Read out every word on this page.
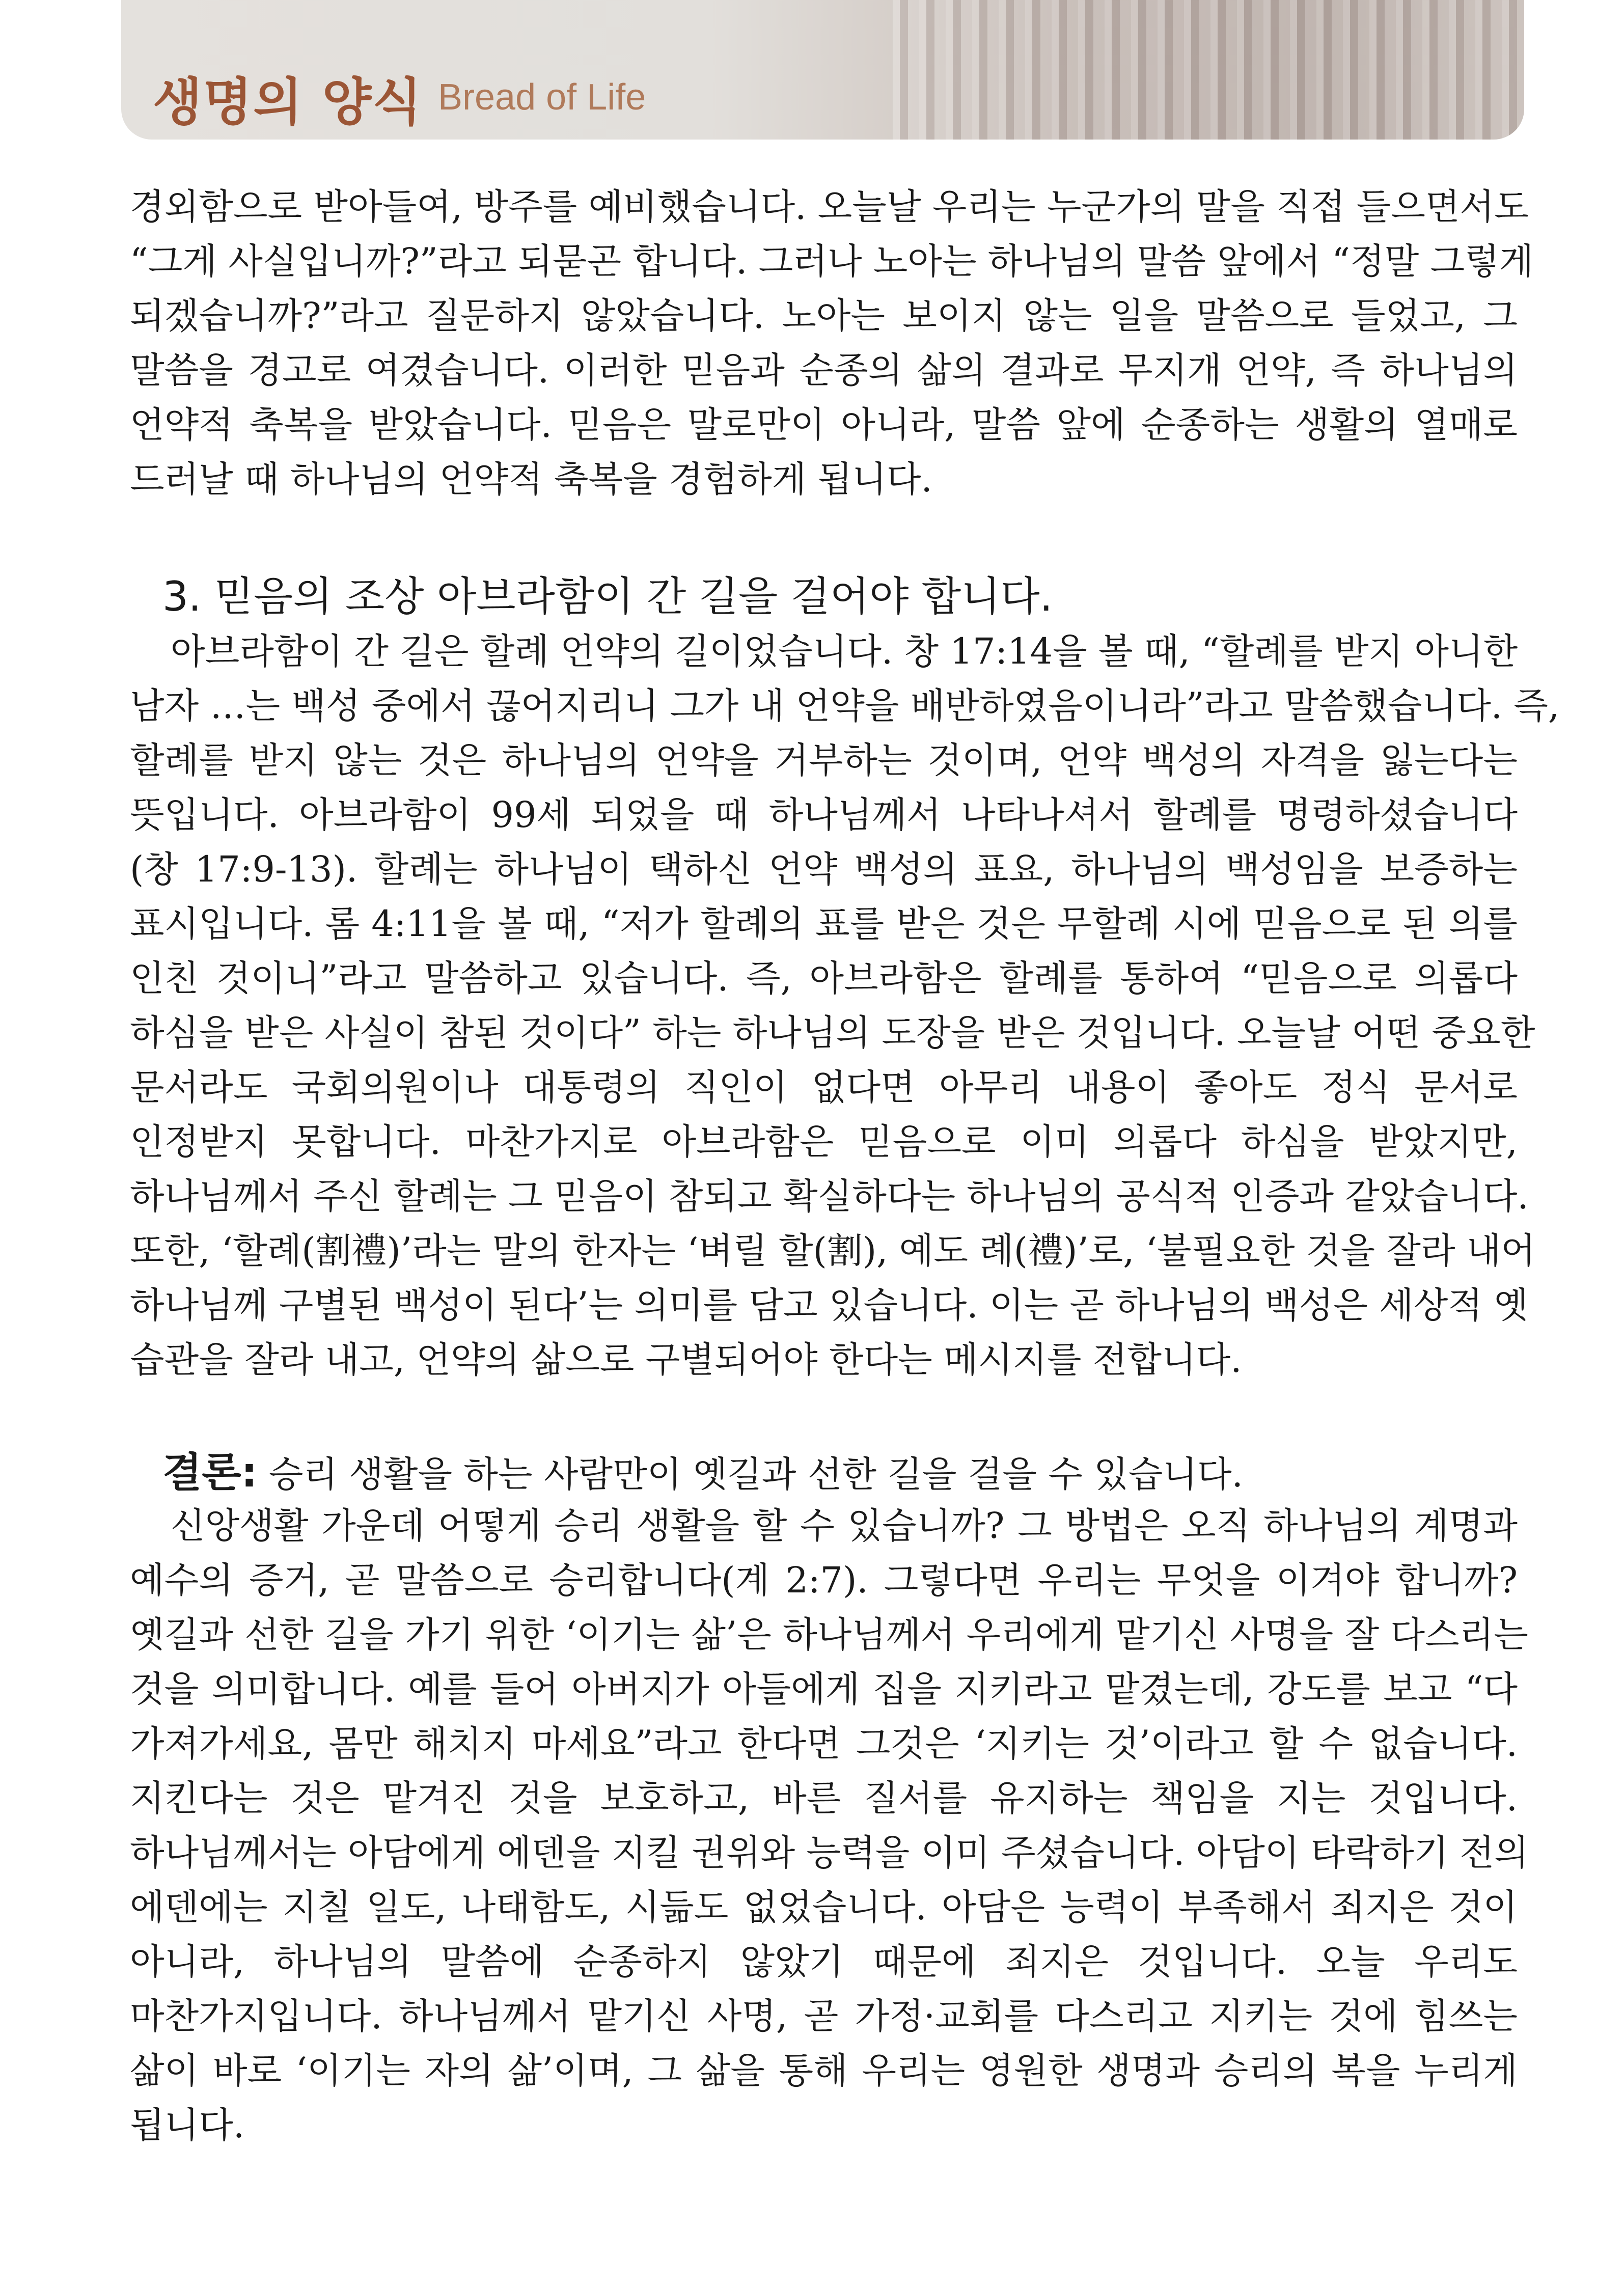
생명의 양식 Bread of Life
경외함으로 받아들여, 방주를 예비했습니다. 오늘날 우리는 누군가의 말을 직접 들으면서도
“그게 사실입니까?”라고 되묻곤 합니다. 그러나 노아는 하나님의 말씀 앞에서 “정말 그렇게
되겠습니까?”라고 질문하지 않았습니다. 노아는 보이지 않는 일을 말씀으로 들었고, 그
말씀을 경고로 여겼습니다. 이러한 믿음과 순종의 삶의 결과로 무지개 언약, 즉 하나님의
언약적 축복을 받았습니다. 믿음은 말로만이 아니라, 말씀 앞에 순종하는 생활의 열매로
드러날 때 하나님의 언약적 축복을 경험하게 됩니다.
3. 믿음의 조상 아브라함이 간 길을 걸어야 합니다.
아브라함이 간 길은 할례 언약의 길이었습니다. 창 17:14을 볼 때, “할례를 받지 아니한
남자 …는 백성 중에서 끊어지리니 그가 내 언약을 배반하였음이니라”라고 말씀했습니다. 즉,
할례를 받지 않는 것은 하나님의 언약을 거부하는 것이며, 언약 백성의 자격을 잃는다는
뜻입니다. 아브라함이 99세 되었을 때 하나님께서 나타나셔서 할례를 명령하셨습니다
(창 17:9-13). 할례는 하나님이 택하신 언약 백성의 표요, 하나님의 백성임을 보증하는
표시입니다. 롬 4:11을 볼 때, “저가 할례의 표를 받은 것은 무할례 시에 믿음으로 된 의를
인친 것이니”라고 말씀하고 있습니다. 즉, 아브라함은 할례를 통하여 “믿음으로 의롭다
하심을 받은 사실이 참된 것이다” 하는 하나님의 도장을 받은 것입니다. 오늘날 어떤 중요한
문서라도 국회의원이나 대통령의 직인이 없다면 아무리 내용이 좋아도 정식 문서로
인정받지 못합니다. 마찬가지로 아브라함은 믿음으로 이미 의롭다 하심을 받았지만,
하나님께서 주신 할례는 그 믿음이 참되고 확실하다는 하나님의 공식적 인증과 같았습니다.
또한, ‘할례(割禮)’라는 말의 한자는 ‘벼릴 할(割), 예도 례(禮)’로, ‘불필요한 것을 잘라 내어
하나님께 구별된 백성이 된다’는 의미를 담고 있습니다. 이는 곧 하나님의 백성은 세상적 옛
습관을 잘라 내고, 언약의 삶으로 구별되어야 한다는 메시지를 전합니다.
결론: 승리 생활을 하는 사람만이 옛길과 선한 길을 걸을 수 있습니다.
신앙생활 가운데 어떻게 승리 생활을 할 수 있습니까? 그 방법은 오직 하나님의 계명과
예수의 증거, 곧 말씀으로 승리합니다(계 2:7). 그렇다면 우리는 무엇을 이겨야 합니까?
옛길과 선한 길을 가기 위한 ‘이기는 삶’은 하나님께서 우리에게 맡기신 사명을 잘 다스리는
것을 의미합니다. 예를 들어 아버지가 아들에게 집을 지키라고 맡겼는데, 강도를 보고 “다
가져가세요, 몸만 해치지 마세요”라고 한다면 그것은 ‘지키는 것’이라고 할 수 없습니다.
지킨다는 것은 맡겨진 것을 보호하고, 바른 질서를 유지하는 책임을 지는 것입니다.
하나님께서는 아담에게 에덴을 지킬 권위와 능력을 이미 주셨습니다. 아담이 타락하기 전의
에덴에는 지칠 일도, 나태함도, 시듦도 없었습니다. 아담은 능력이 부족해서 죄지은 것이
아니라, 하나님의 말씀에 순종하지 않았기 때문에 죄지은 것입니다. 오늘 우리도
마찬가지입니다. 하나님께서 맡기신 사명, 곧 가정·교회를 다스리고 지키는 것에 힘쓰는
삶이 바로 ‘이기는 자의 삶’이며, 그 삶을 통해 우리는 영원한 생명과 승리의 복을 누리게
됩니다.
